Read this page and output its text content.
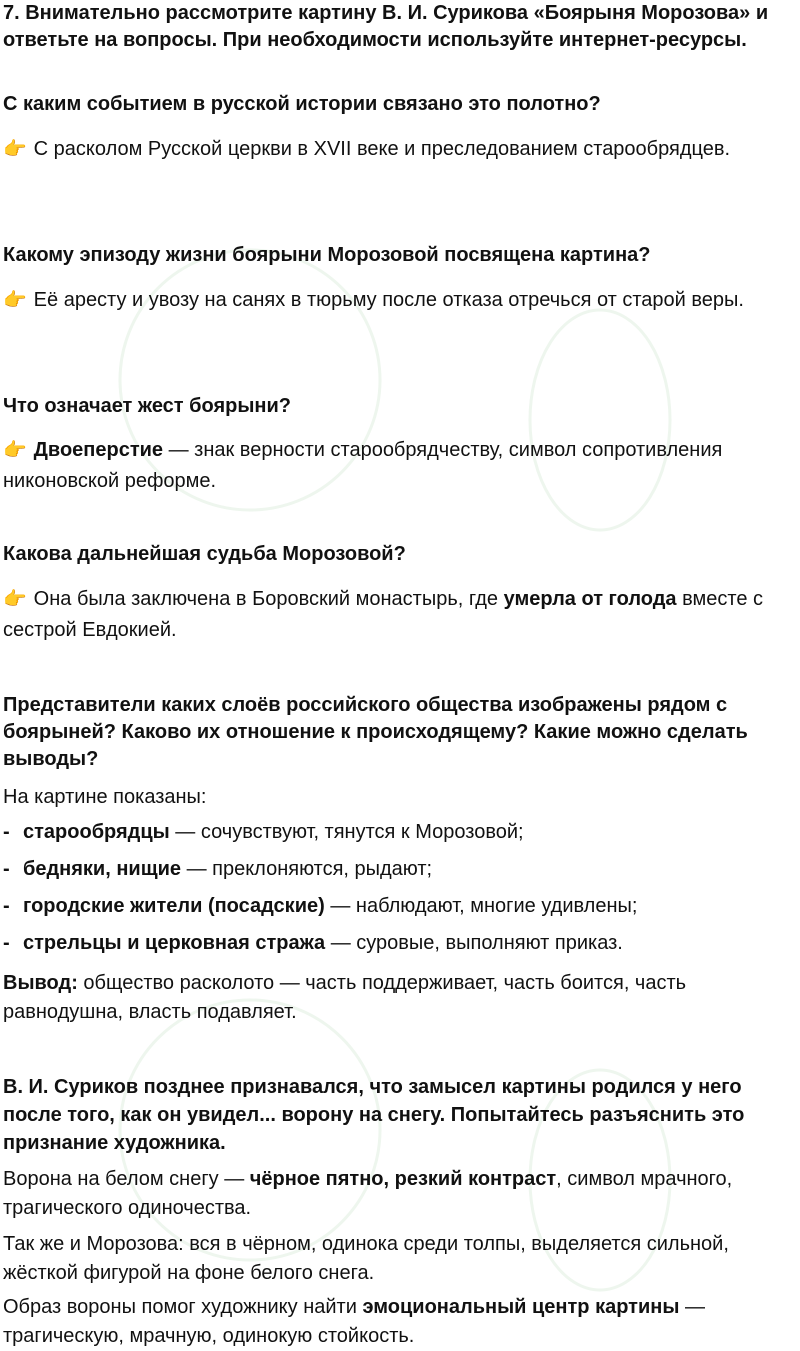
7. Внимательно рассмотрите картину В. И. Сурикова «Боярыня Морозова» и ответьте на вопросы. При необходимости используйте интернет-ресурсы.

С каким событием в русской истории связано это полотно?

👉 С расколом Русской церкви в XVII веке и преследованием старообрядцев.

Какому эпизоду жизни боярыни Морозовой посвящена картина?

👉 Её аресту и увозу на санях в тюрьму после отказа отречься от старой веры.

Что означает жест боярыни?

👉 Двоеперстие — знак верности старообрядчеству, символ сопротивления никоновской реформе.

Какова дальнейшая судьба Морозовой?

👉 Она была заключена в Боровский монастырь, где умерла от голода вместе с сестрой Евдокией.

Представители каких слоёв российского общества изображены рядом с боярыней? Каково их отношение к происходящему? Какие можно сделать выводы?

На картине показаны:

- старообрядцы — сочувствуют, тянутся к Морозовой;
- бедняки, нищие — преклоняются, рыдают;
- городские жители (посадские) — наблюдают, многие удивлены;
- стрельцы и церковная стража — суровые, выполняют приказ.

Вывод: общество расколото — часть поддерживает, часть боится, часть равнодушна, власть подавляет.

В. И. Суриков позднее признавался, что замысел картины родился у него после того, как он увидел... ворону на снегу. Попытайтесь разъяснить это признание художника.

Ворона на белом снегу — чёрное пятно, резкий контраст, символ мрачного, трагического одиночества.

Так же и Морозова: вся в чёрном, одинока среди толпы, выделяется сильной, жёсткой фигурой на фоне белого снега.

Образ вороны помог художнику найти эмоциональный центр картины — трагическую, мрачную, одинокую стойкость.
